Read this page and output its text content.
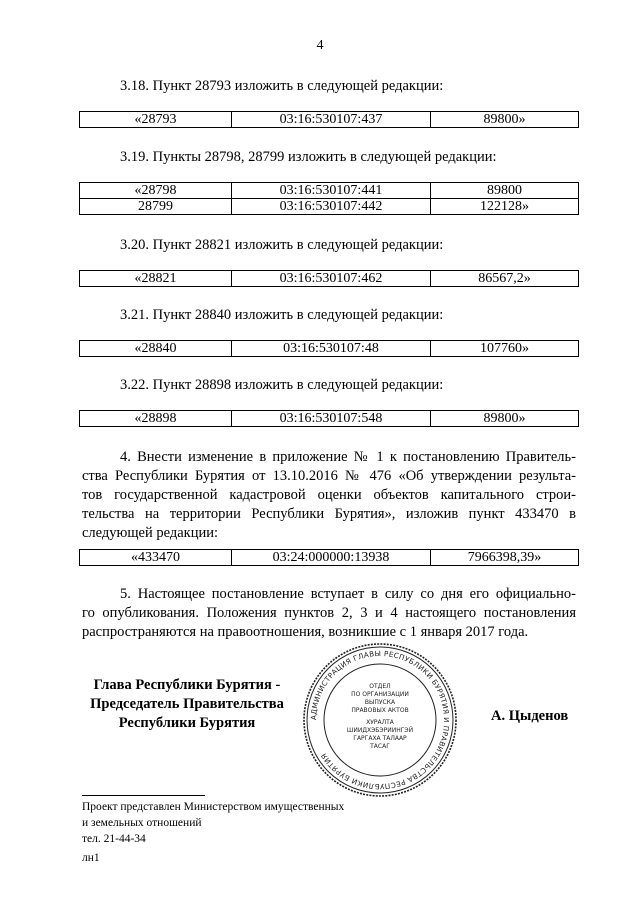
4
3.18. Пункт 28793 изложить в следующей редакции:
«28793	03:16:530107:437	89800»
3.19. Пункты 28798, 28799 изложить в следующей редакции:
«28798	03:16:530107:441	89800
28799	03:16:530107:442	122128»
3.20. Пункт 28821 изложить в следующей редакции:
«28821	03:16:530107:462	86567,2»
3.21. Пункт 28840 изложить в следующей редакции:
«28840	03:16:530107:48	107760»
3.22. Пункт 28898 изложить в следующей редакции:
«28898	03:16:530107:548	89800»
4. Внести изменение в приложение № 1 к постановлению Правитель-
ства Республики Бурятия от 13.10.2016 № 476 «Об утверждении результа-
тов государственной кадастровой оценки объектов капитального строи-
тельства на территории Республики Бурятия», изложив пункт 433470 в
следующей редакции:
«433470	03:24:000000:13938	7966398,39»
5. Настоящее постановление вступает в силу со дня его официально-
го опубликования. Положения пунктов 2, 3 и 4 настоящего постановления
распространяются на правоотношения, возникшие с 1 января 2017 года.
Глава Республики Бурятия -
Председатель Правительства
Республики Бурятия	А. Цыденов
АДМИНИСТРАЦИЯ ГЛАВЫ РЕСПУБЛИКИ БУРЯТИЯ И ПРАВИТЕЛЬСТВА РЕСПУБЛИКИ БУРЯТИЯ
ОТДЕЛ
ПО ОРГАНИЗАЦИИ
ВЫПУСКА
ПРАВОВЫХ АКТОВ
ХУРАЛТА
ШИИДХЭБЭРИИНГЭЙ
ГАРГАХА ТАЛААР
ТАСАГ
Проект представлен Министерством имущественных
и земельных отношений
тел. 21-44-34
лн1
